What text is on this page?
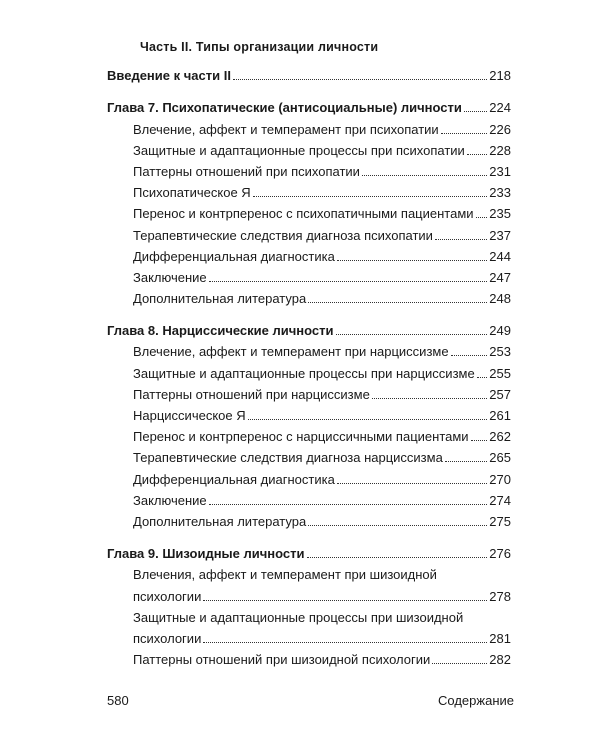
Часть II. Типы организации личности
Введение к части II	218
Глава 7. Психопатические (антисоциальные) личности 224
Влечение, аффект и темперамент при психопатии	226
Защитные и адаптационные процессы при психопатии 228
Паттерны отношений при психопатии	231
Психопатическое Я	233
Перенос и контрперенос с психопатичными пациентами 235
Терапевтические следствия диагноза психопатии	237
Дифференциальная диагностика	244
Заключение	247
Дополнительная литература	248
Глава 8. Нарциссические личности	249
Влечение, аффект и темперамент при нарциссизме	253
Защитные и адаптационные процессы при нарциссизме 255
Паттерны отношений при нарциссизме	257
Нарциссическое Я	261
Перенос и контрперенос с нарциссичными пациентами 262
Терапевтические следствия диагноза нарциссизма	265
Дифференциальная диагностика	270
Заключение	274
Дополнительная литература	275
Глава 9. Шизоидные личности	276
Влечения, аффект и темперамент при шизоидной
психологии	278
Защитные и адаптационные процессы при шизоидной
психологии	281
Паттерны отношений при шизоидной психологии	282
580	Содержание
